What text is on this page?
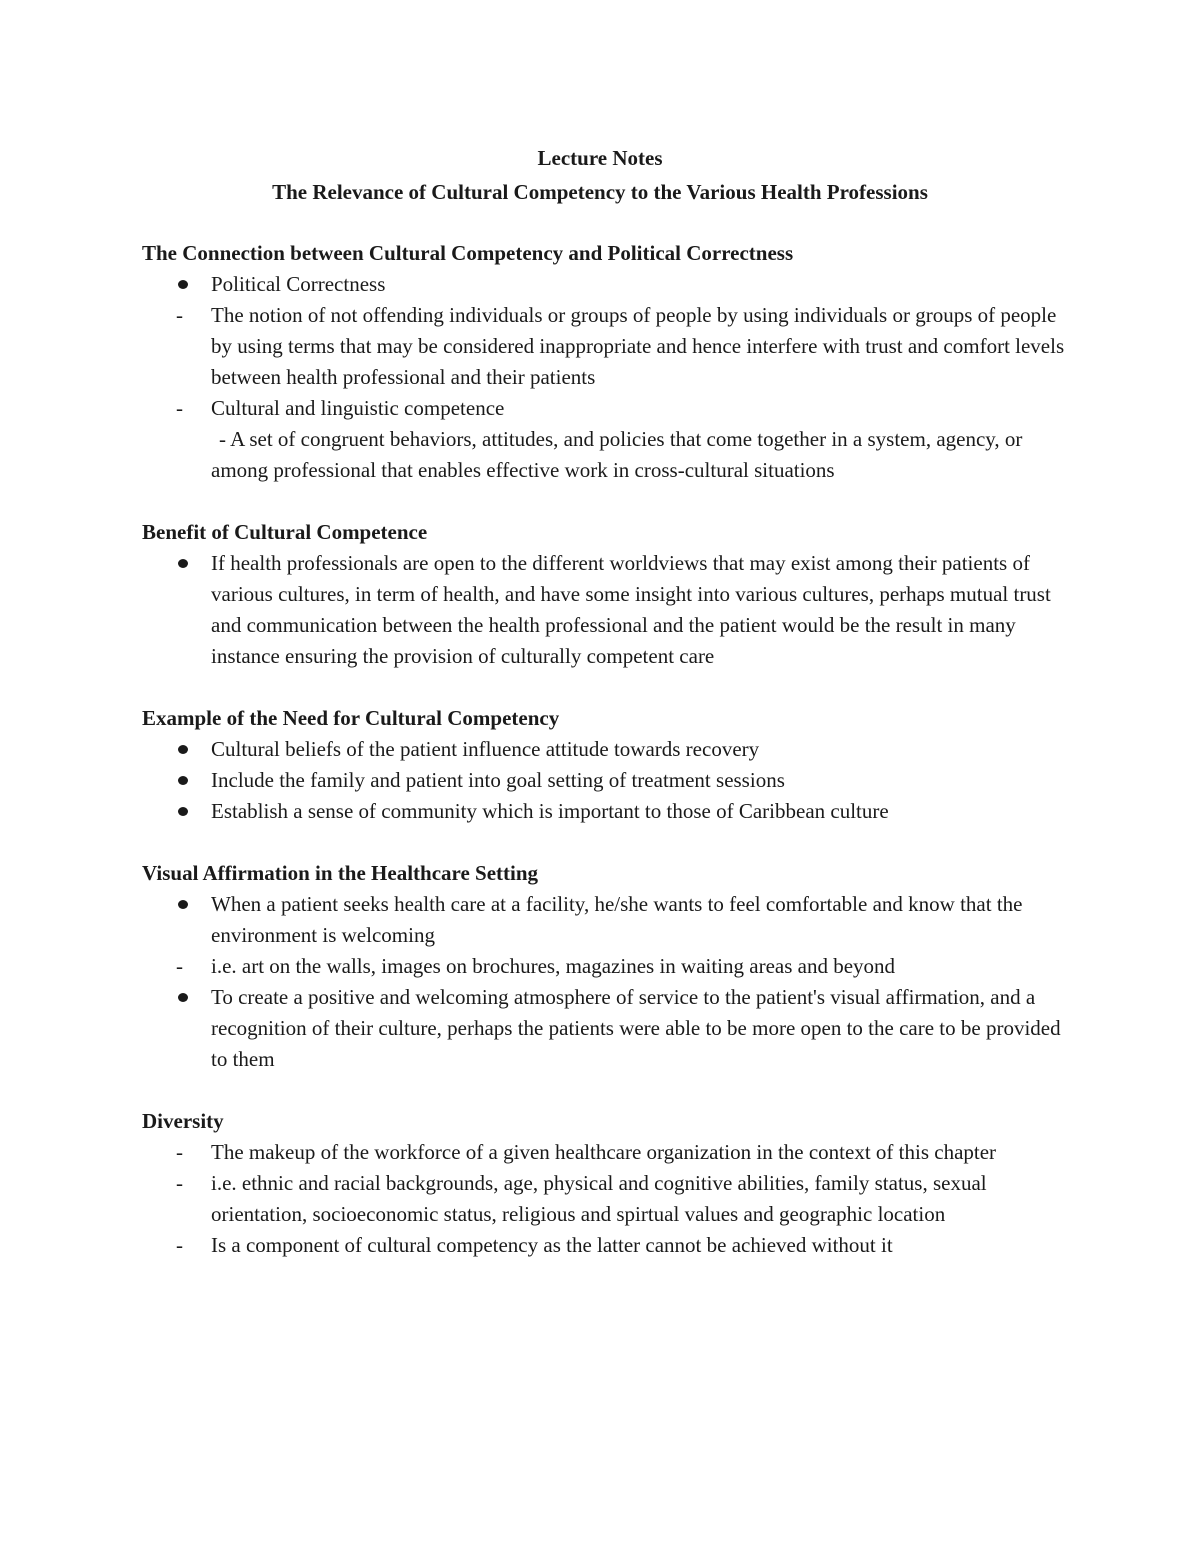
Lecture Notes
The Relevance of Cultural Competency to the Various Health Professions
The Connection between Cultural Competency and Political Correctness
Political Correctness
The notion of not offending individuals or groups of people by using individuals or groups of people by using terms that may be considered inappropriate and hence interfere with trust and comfort levels between health professional and their patients
Cultural and linguistic competence
- A set of congruent behaviors, attitudes, and policies that come together in a system, agency, or among professional that enables effective work in cross-cultural situations
Benefit of Cultural Competence
If health professionals are open to the different worldviews that may exist among their patients of various cultures, in term of health, and have some insight into various cultures, perhaps mutual trust and communication between the health professional and the patient would be the result in many instance ensuring the provision of culturally competent care
Example of the Need for Cultural Competency
Cultural beliefs of the patient influence attitude towards recovery
Include the family and patient into goal setting of treatment sessions
Establish a sense of community which is important to those of Caribbean culture
Visual Affirmation in the Healthcare Setting
When a patient seeks health care at a facility, he/she wants to feel comfortable and know that the environment is welcoming
i.e. art on the walls, images on brochures, magazines in waiting areas and beyond
To create a positive and welcoming atmosphere of service to the patient's visual affirmation, and a recognition of their culture, perhaps the patients were able to be more open to the care to be provided to them
Diversity
The makeup of the workforce of a given healthcare organization in the context of this chapter
i.e. ethnic and racial backgrounds, age, physical and cognitive abilities, family status, sexual orientation, socioeconomic status, religious and spirtual values and geographic location
Is a component of cultural competency as the latter cannot be achieved without it
